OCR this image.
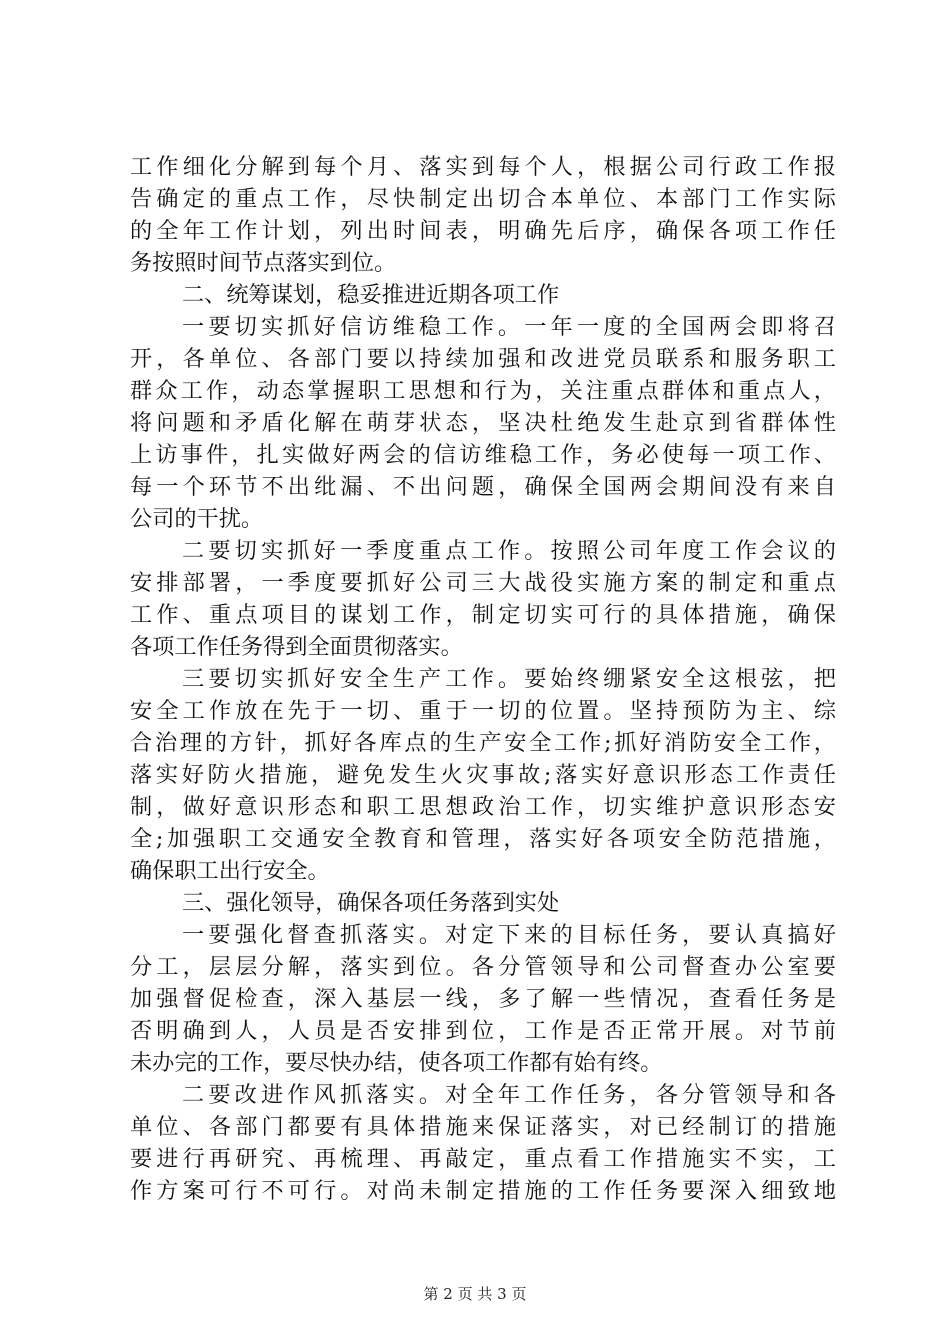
工作细化分解到每个月、落实到每个人，根据公司行政工作报
告确定的重点工作，尽快制定出切合本单位、本部门工作实际
的全年工作计划，列出时间表，明确先后序，确保各项工作任
务按照时间节点落实到位。
二、统筹谋划，稳妥推进近期各项工作
一要切实抓好信访维稳工作。一年一度的全国两会即将召
开，各单位、各部门要以持续加强和改进党员联系和服务职工
群众工作，动态掌握职工思想和行为，关注重点群体和重点人，
将问题和矛盾化解在萌芽状态，坚决杜绝发生赴京到省群体性
上访事件，扎实做好两会的信访维稳工作，务必使每一项工作、
每一个环节不出纰漏、不出问题，确保全国两会期间没有来自
公司的干扰。
二要切实抓好一季度重点工作。按照公司年度工作会议的
安排部署，一季度要抓好公司三大战役实施方案的制定和重点
工作、重点项目的谋划工作，制定切实可行的具体措施，确保
各项工作任务得到全面贯彻落实。
三要切实抓好安全生产工作。要始终绷紧安全这根弦，把
安全工作放在先于一切、重于一切的位置。坚持预防为主、综
合治理的方针，抓好各库点的生产安全工作;抓好消防安全工作，
落实好防火措施，避免发生火灾事故;落实好意识形态工作责任
制，做好意识形态和职工思想政治工作，切实维护意识形态安
全;加强职工交通安全教育和管理，落实好各项安全防范措施，
确保职工出行安全。
三、强化领导，确保各项任务落到实处
一要强化督查抓落实。对定下来的目标任务，要认真搞好
分工，层层分解，落实到位。各分管领导和公司督查办公室要
加强督促检查，深入基层一线，多了解一些情况，查看任务是
否明确到人，人员是否安排到位，工作是否正常开展。对节前
未办完的工作，要尽快办结，使各项工作都有始有终。
二要改进作风抓落实。对全年工作任务，各分管领导和各
单位、各部门都要有具体措施来保证落实，对已经制订的措施
要进行再研究、再梳理、再敲定，重点看工作措施实不实，工
作方案可行不可行。对尚未制定措施的工作任务要深入细致地
第 2 页 共 3 页
